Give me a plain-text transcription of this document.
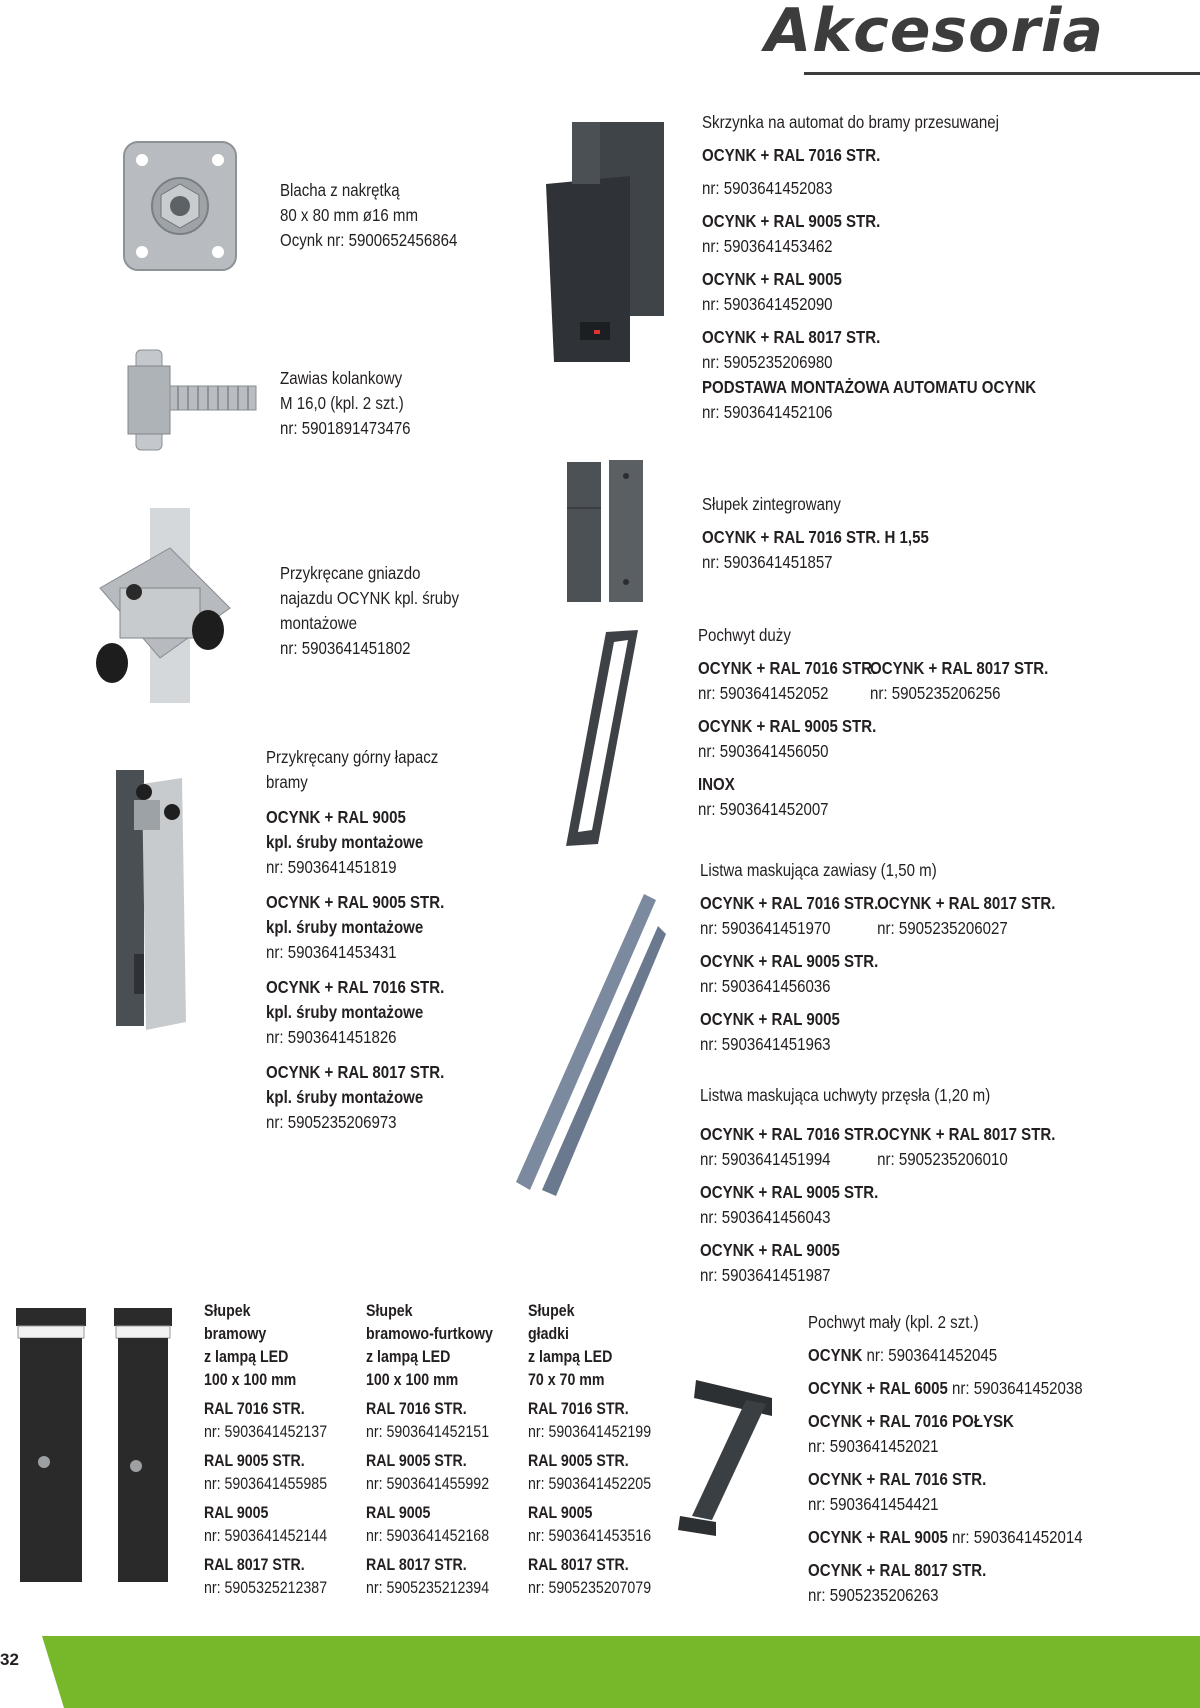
Akcesoria
Blacha z nakrętką
80 x 80 mm ø16 mm
Ocynk nr: 5900652456864
Zawias kolankowy
M 16,0 (kpl. 2 szt.)
nr: 5901891473476
Przykręcane gniazdo
najazdu OCYNK kpl. śruby
montażowe
nr: 5903641451802
Przykręcany górny łapacz
bramy
OCYNK + RAL 9005
kpl. śruby montażowe
nr: 5903641451819
OCYNK + RAL 9005 STR.
kpl. śruby montażowe
nr: 5903641453431
OCYNK + RAL 7016 STR.
kpl. śruby montażowe
nr: 5903641451826
OCYNK + RAL 8017 STR.
kpl. śruby montażowe
nr: 5905235206973
Skrzynka na automat do bramy przesuwanej
OCYNK + RAL 7016 STR.
nr: 5903641452083
OCYNK + RAL 9005 STR.
nr: 5903641453462
OCYNK + RAL 9005
nr: 5903641452090
OCYNK + RAL 8017 STR.
nr: 5905235206980
PODSTAWA MONTAŻOWA AUTOMATU OCYNK
nr: 5903641452106
Słupek zintegrowany
OCYNK + RAL 7016 STR. H 1,55
nr: 5903641451857
Pochwyt duży
OCYNK + RAL 7016 STR.
nr: 5903641452052
OCYNK + RAL 8017 STR.
nr: 5905235206256
OCYNK + RAL 9005 STR.
nr: 5903641456050
INOX
nr: 5903641452007
Listwa maskująca zawiasy (1,50 m)
OCYNK + RAL 7016 STR.
nr: 5903641451970
OCYNK + RAL 8017 STR.
nr: 5905235206027
OCYNK + RAL 9005 STR.
nr: 5903641456036
OCYNK + RAL 9005
nr: 5903641451963
Listwa maskująca uchwyty przęsła (1,20 m)
OCYNK + RAL 7016 STR.
nr: 5903641451994
OCYNK + RAL 8017 STR.
nr: 5905235206010
OCYNK + RAL 9005 STR.
nr: 5903641456043
OCYNK + RAL 9005
nr: 5903641451987
Pochwyt mały (kpl. 2 szt.)
OCYNK nr: 5903641452045
OCYNK + RAL 6005 nr: 5903641452038
OCYNK + RAL 7016 POŁYSK
nr: 5903641452021
OCYNK + RAL 7016 STR.
nr: 5903641454421
OCYNK + RAL 9005 nr: 5903641452014
OCYNK + RAL 8017 STR.
nr: 5905235206263
Słupek
bramowy
z lampą LED
100 x 100 mm
RAL 7016 STR.
nr: 5903641452137
RAL 9005 STR.
nr: 5903641455985
RAL 9005
nr: 5903641452144
RAL 8017 STR.
nr: 5905325212387
Słupek
bramowo-furtkowy
z lampą LED
100 x 100 mm
RAL 7016 STR.
nr: 5903641452151
RAL 9005 STR.
nr: 5903641455992
RAL 9005
nr: 5903641452168
RAL 8017 STR.
nr: 5905235212394
Słupek
gładki
z lampą LED
70 x 70 mm
RAL 7016 STR.
nr: 5903641452199
RAL 9005 STR.
nr: 5903641452205
RAL 9005
nr: 5903641453516
RAL 8017 STR.
nr: 5905235207079
32
